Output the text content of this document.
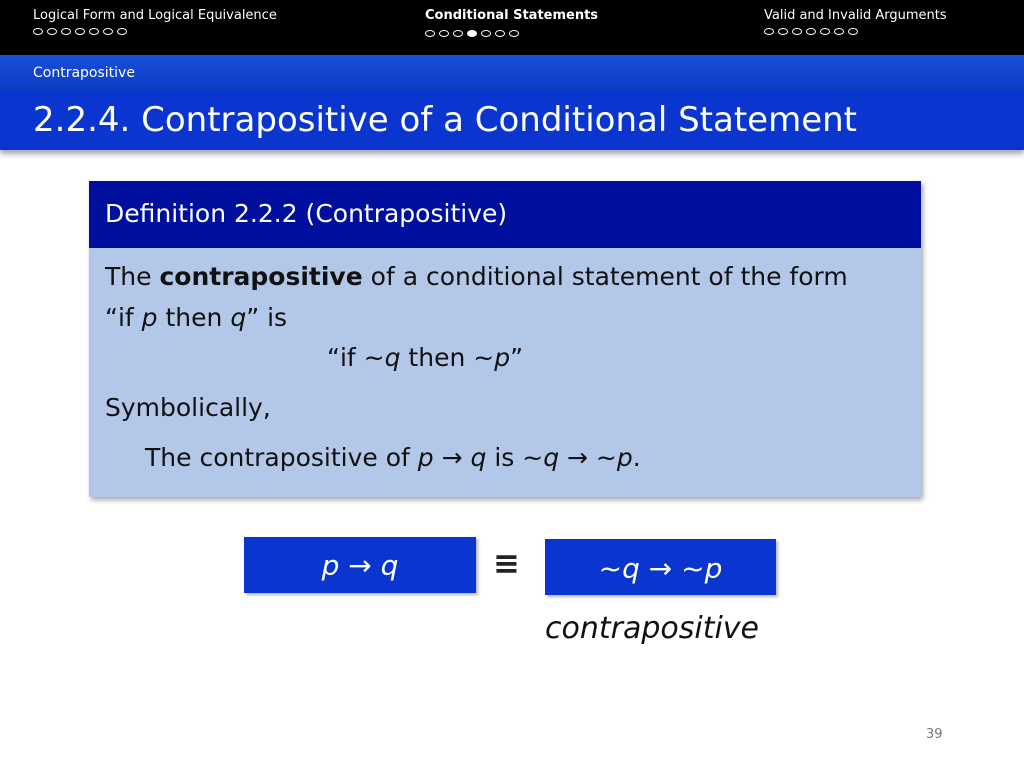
Logical Form and Logical Equivalence	Conditional Statements	Valid and Invalid Arguments
Contrapositive
2.2.4. Contrapositive of a Conditional Statement
Definition 2.2.2 (Contrapositive)
The contrapositive of a conditional statement of the form
“if p then q” is
“if ~q then ~p”
Symbolically,
The contrapositive of p → q is ~q → ~p.
p → q	≡	~q → ~p
contrapositive
39
